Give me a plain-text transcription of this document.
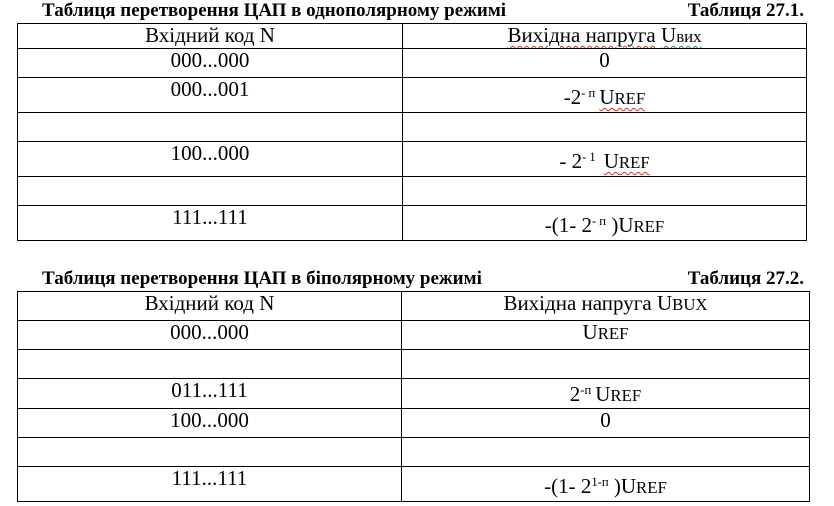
Таблиця перетворення ЦАП в однополярному режимі	Таблиця 27.1.
Вхідний код N	Вихідна напруга Uвих
000...000	0
000...001	$-2^{- п}$ UREF

100...000	- $2^{- 1}$ UREF

111...111	-(1- $2^{- п}$ )UREF
Таблиця перетворення ЦАП в біполярному режимі	Таблиця 27.2.
Вхідний код N	Вихідна напруга UBUX
000...000	UREF

011...111	$2^{-п}$ UREF
100...000	0

111...111	-(1- $2^{1-п}$ )UREF
